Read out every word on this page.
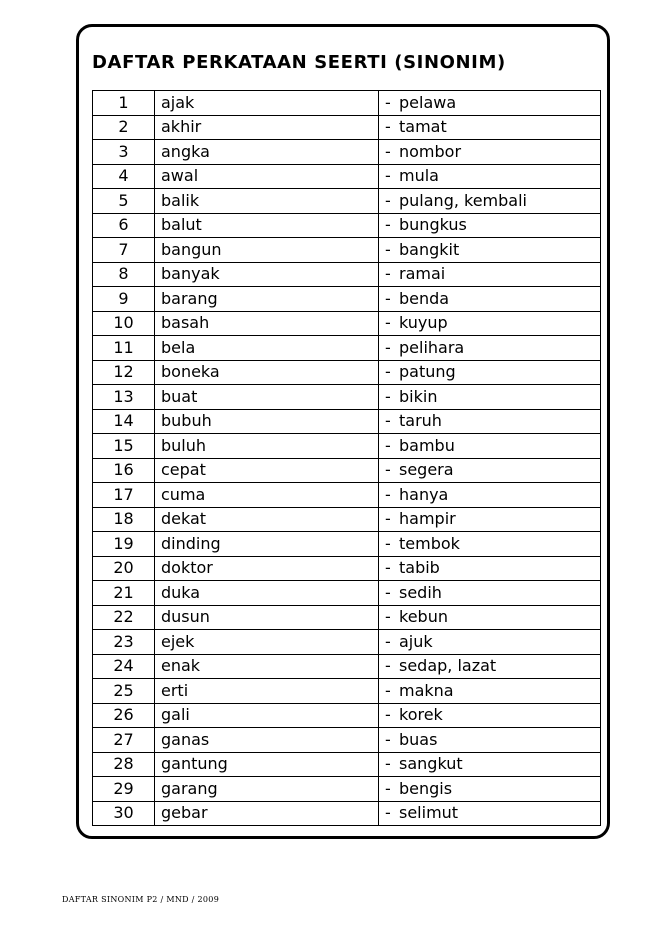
DAFTAR PERKATAAN SEERTI (SINONIM)
1	ajak	- pelawa
2	akhir	- tamat
3	angka	- nombor
4	awal	- mula
5	balik	- pulang, kembali
6	balut	- bungkus
7	bangun	- bangkit
8	banyak	- ramai
9	barang	- benda
10	basah	- kuyup
11	bela	- pelihara
12	boneka	- patung
13	buat	- bikin
14	bubuh	- taruh
15	buluh	- bambu
16	cepat	- segera
17	cuma	- hanya
18	dekat	- hampir
19	dinding	- tembok
20	doktor	- tabib
21	duka	- sedih
22	dusun	- kebun
23	ejek	- ajuk
24	enak	- sedap, lazat
25	erti	- makna
26	gali	- korek
27	ganas	- buas
28	gantung	- sangkut
29	garang	- bengis
30	gebar	- selimut
DAFTAR SINONIM P2 / MND / 2009
